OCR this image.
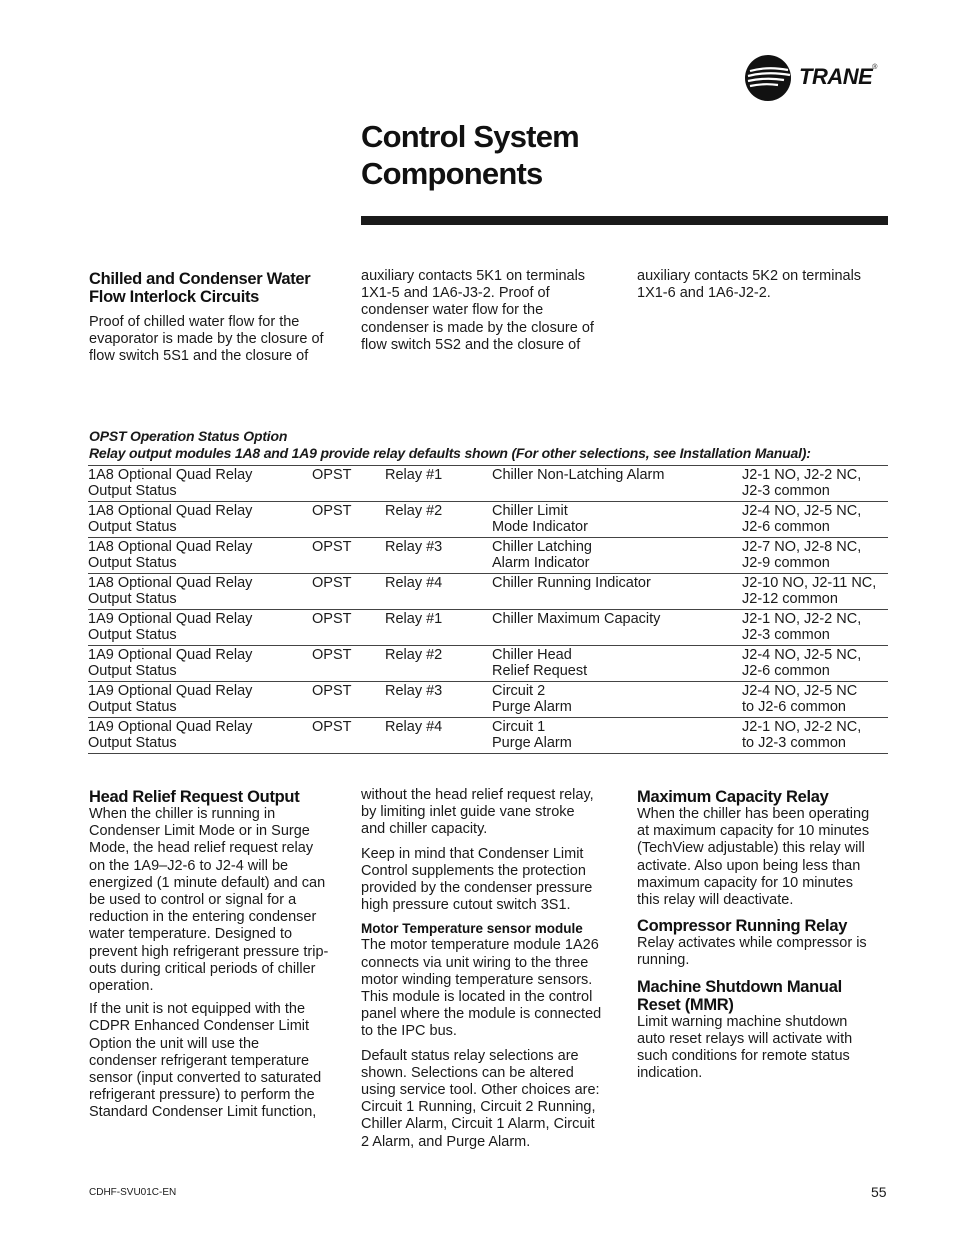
TRANE®
Control System
Components
Chilled and Condenser Water
Flow Interlock Circuits
Proof of chilled water flow for the
evaporator is made by the closure of
flow switch 5S1 and the closure of
auxiliary contacts 5K1 on terminals
1X1-5 and 1A6-J3-2. Proof of
condenser water flow for the
condenser is made by the closure of
flow switch 5S2 and the closure of
auxiliary contacts 5K2 on terminals
1X1-6 and 1A6-J2-2.
OPST Operation Status Option
Relay output modules 1A8 and 1A9 provide relay defaults shown (For other selections, see Installation Manual):
1A8 Optional Quad Relay
Output Status	OPST	Relay #1	Chiller Non-Latching Alarm	J2-1 NO, J2-2 NC,
J2-3 common

1A8 Optional Quad Relay
Output Status	OPST	Relay #2	Chiller Limit
Mode Indicator	J2-4 NO, J2-5 NC,
J2-6 common

1A8 Optional Quad Relay
Output Status	OPST	Relay #3	Chiller Latching
Alarm Indicator	J2-7 NO, J2-8 NC,
J2-9 common

1A8 Optional Quad Relay
Output Status	OPST	Relay #4	Chiller Running Indicator	J2-10 NO, J2-11 NC,
J2-12 common

1A9 Optional Quad Relay
Output Status	OPST	Relay #1	Chiller Maximum Capacity	J2-1 NO, J2-2 NC,
J2-3 common

1A9 Optional Quad Relay
Output Status	OPST	Relay #2	Chiller Head
Relief Request	J2-4 NO, J2-5 NC,
J2-6 common

1A9 Optional Quad Relay
Output Status	OPST	Relay #3	Circuit 2
Purge Alarm	J2-4 NO, J2-5 NC
to J2-6 common

1A9 Optional Quad Relay
Output Status	OPST	Relay #4	Circuit 1
Purge Alarm	J2-1 NO, J2-2 NC,
to J2-3 common
Head Relief Request Output
When the chiller is running in
Condenser Limit Mode or in Surge
Mode, the head relief request relay
on the 1A9–J2-6 to J2-4 will be
energized (1 minute default) and can
be used to control or signal for a
reduction in the entering condenser
water temperature. Designed to
prevent high refrigerant pressure trip-
outs during critical periods of chiller
operation.
If the unit is not equipped with the
CDPR Enhanced Condenser Limit
Option the unit will use the
condenser refrigerant temperature
sensor (input converted to saturated
refrigerant pressure) to perform the
Standard Condenser Limit function,
without the head relief request relay,
by limiting inlet guide vane stroke
and chiller capacity.
Keep in mind that Condenser Limit
Control supplements the protection
provided by the condenser pressure
high pressure cutout switch 3S1.
Motor Temperature sensor module
The motor temperature module 1A26
connects via unit wiring to the three
motor winding temperature sensors.
This module is located in the control
panel where the module is connected
to the IPC bus.
Default status relay selections are
shown. Selections can be altered
using service tool. Other choices are:
Circuit 1 Running, Circuit 2 Running,
Chiller Alarm, Circuit 1 Alarm, Circuit
2 Alarm, and Purge Alarm.
Maximum Capacity Relay
When the chiller has been operating
at maximum capacity for 10 minutes
(TechView adjustable) this relay will
activate. Also upon being less than
maximum capacity for 10 minutes
this relay will deactivate.
Compressor Running Relay
Relay activates while compressor is
running.
Machine Shutdown Manual
Reset (MMR)
Limit warning machine shutdown
auto reset relays will activate with
such conditions for remote status
indication.
CDHF-SVU01C-EN	55
